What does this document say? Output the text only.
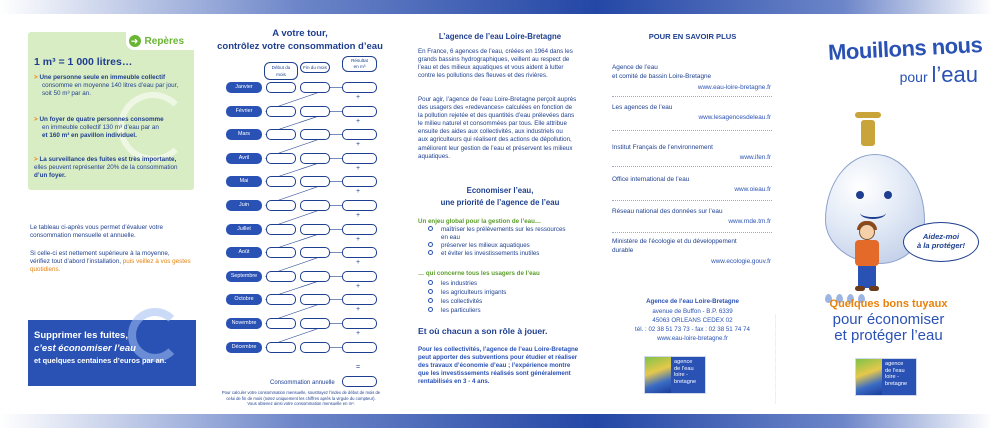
➜ Repères
1 m³ = 1 000 litres…
> Une personne seule en immeuble collectif
consomme en moyenne 140 litres d’eau par jour,
soit 50 m³ par an.
> Un foyer de quatre personnes consomme
en immeuble collectif 130 m³ d’eau par an
et 160 m³ en pavillon individuel.
> La surveillance des fuites est très importante,
elles peuvent représenter 20% de la consommation
d’un foyer.
Le tableau ci-après vous permet d’évaluer votre
consommation mensuelle et annuelle.
Si celle-ci est nettement supérieure à la moyenne,
vérifiez tout d’abord l’installation, puis veillez à vos gestes
quotidiens.
Supprimer les fuites,
c’est économiser l’eau
et quelques centaines d’euros par an.
A votre tour,
contrôlez votre consommation d’eau
Début du mois
Fin du mois
Résultat
en m³
Janvier
+
Février
+
Mars
+
Avril
+
Mai
+
Juin
+
Juillet
+
Août
+
Septembre
+
Octobre
+
Novembre
+
Décembre
=
Consommation annuelle
Pour calculer votre consommation mensuelle, soustrayez l’index de début de mois de
celui de fin de mois (notez uniquement les chiffres après la virgule du compteur).
Vous obtenez ainsi votre consommation mensuelle en m³.
L’agence de l’eau Loire-Bretagne
En France, 6 agences de l’eau, créées en 1964 dans les
grands bassins hydrographiques, veillent au respect de
l’eau et des milieux aquatiques et vous aident à lutter
contre les pollutions des fleuves et des rivières.
Pour agir, l’agence de l’eau Loire-Bretagne perçoit auprès
des usagers des «redevances» calculées en fonction de
la pollution rejetée et des quantités d’eau prélevées dans
le milieu naturel et consommées par tous. Elle attribue
ensuite des aides aux collectivités, aux industriels ou
aux agriculteurs qui réalisent des actions de dépollution,
améliorent leur gestion de l’eau et préservent les milieux
aquatiques.
Economiser l’eau,
une priorité de l’agence de l’eau
Un enjeu global pour la gestion de l’eau…
maîtriser les prélèvements sur les ressources
en eau
préserver les milieux aquatiques
et éviter les investissements inutiles
… qui concerne tous les usagers de l’eau
les industries
les agriculteurs irrigants
les collectivités
les particuliers
Et où chacun a son rôle à jouer.
Pour les collectivités, l’agence de l’eau Loire-Bretagne
peut apporter des subventions pour étudier et réaliser
des travaux d’économie d’eau ; l’expérience montre
que les investissements réalisés sont généralement
rentabilisés en 3 - 4 ans.
POUR EN SAVOIR PLUS
Agence de l’eau
et comité de bassin Loire-Bretagne
www.eau-loire-bretagne.fr
Les agences de l’eau
www.lesagencesdeleau.fr
Institut Français de l’environnement
www.ifen.fr
Office international de l’eau
www.oieau.fr
Réseau national des données sur l’eau
www.rnde.tm.fr
Ministère de l’écologie et du développement
durable
www.ecologie.gouv.fr
Agence de l’eau Loire-Bretagne
avenue de Buffon - B.P. 6339
45063 ORLEANS CEDEX 02
tél. : 02 38 51 73 73 - fax : 02 38 51 74 74
www.eau-loire-bretagne.fr
agence
de l’eau
loire -
bretagne	················································································
Mouillons nous
pour l’eau
Aidez-moi
à la protéger!
Quelques bons tuyaux
pour économiser
et protéger l’eau
agence
de l’eau
loire -
bretagne
